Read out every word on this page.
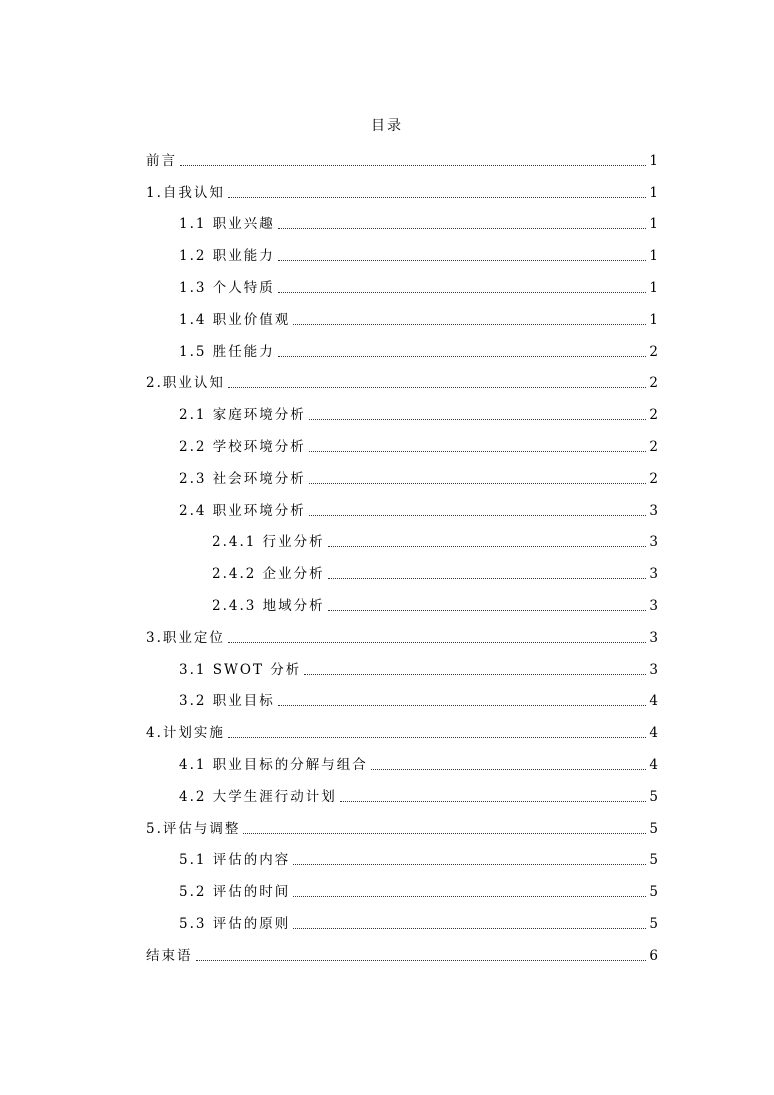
目录
前言	1
1.自我认知	1
1.1 职业兴趣	1
1.2 职业能力	1
1.3 个人特质	1
1.4 职业价值观	1
1.5 胜任能力	2
2.职业认知	2
2.1 家庭环境分析	2
2.2 学校环境分析	2
2.3 社会环境分析	2
2.4 职业环境分析	3
2.4.1 行业分析	3
2.4.2 企业分析	3
2.4.3 地域分析	3
3.职业定位	3
3.1 SWOT 分析	3
3.2 职业目标	4
4.计划实施	4
4.1 职业目标的分解与组合	4
4.2 大学生涯行动计划	5
5.评估与调整	5
5.1 评估的内容	5
5.2 评估的时间	5
5.3 评估的原则	5
结束语	6
